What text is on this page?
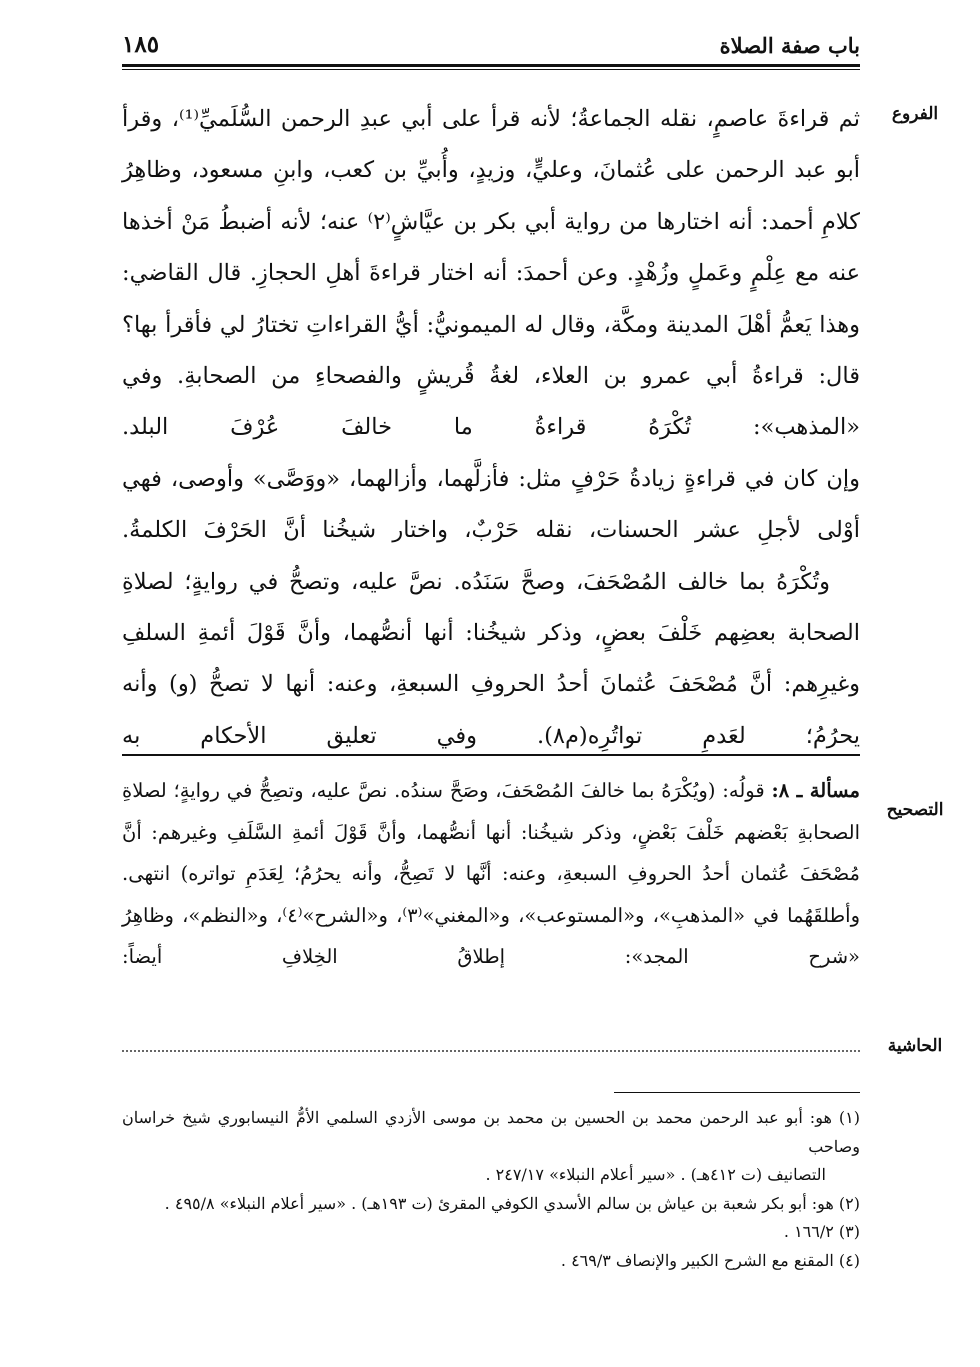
باب صفة الصلاة
١٨٥
الفروع

ثم قراءةَ عاصمٍ، نقله الجماعةُ؛ لأنه قرأ على أبي عبدِ الرحمن السُّلَميِّ⁽¹⁾، وقرأ أبو عبد الرحمن على عُثمانَ، وعليٍّ، وزيدٍ، وأُبيِّ بن كعب، وابنِ مسعود، وظاهِرُ كلامِ أحمد: أنه اختارها من رواية أبي بكر بن عيَّاشٍ⁽٢⁾ عنه؛ لأنه أضبطُ مَنْ أخذها عنه مع عِلْمٍ وعَملٍ وزُهْدٍ. وعن أحمدَ: أنه اختار قراءةَ أهلِ الحجازِ. قال القاضي: وهذا يَعمُّ أهْلَ المدينة ومكَّة، وقال له الميمونيُّ: أيُّ القراءاتِ تختارُ لي فأقرأ بها؟ قال: قراءةُ أبي عمرو بن العلاء، لغةُ قُريشٍ والفصحاءِ من الصحابةِ. وفي «المذهب»: تُكْرَهُ قراءةُ ما خالفَ عُرْفَ البلد.

وإن كان في قراءةٍ زيادةُ حَرْفٍ مثل: فأزلَّهما، وأزالهما، «ووَصَّى» وأوصى، فهي أوْلى لأجلِ عشر الحسنات، نقله حَرْبٌ، واختار شيخُنا أنَّ الحَرْفَ الكلمةُ.

وتُكْرَهُ بما خالف المُصْحَفَ، وصحَّ سَنَدُه. نصَّ عليه، وتصحُّ في روايةٍ؛ لصلاةِ الصحابة بعضِهم خَلْفَ بعضٍ، وذكر شيخُنا: أنها أنصُّهما، وأنَّ قَوْلَ أئمةِ السلفِ وغيرِهم: أنَّ مُصْحَفَ عُثمانَ أحدُ الحروفِ السبعةِ، وعنه: أنها لا تصحُّ (و) وأنه يحرُمُ؛ لعَدمِ تواتُرِه(م٨). وفي تعليق الأحكام به

التصحيح

مسألة ـ ٨: قولُه: (ويُكْرَهُ بما خالفَ المُصْحَفَ، وصَحَّ سندُه. نصَّ عليه، وتصِحُّ في روايةٍ؛ لصلاةِ الصحابةِ بَعْضهم خَلْفَ بَعْضٍ، وذكر شيخُنا: أنها أنصُّهما، وأنَّ قَوْلَ أئمةِ السَّلَفِ وغيرهم: أنَّ مُصْحَفَ عُثمان أحدُ الحروفِ السبعةِ، وعنه: أنَّها لا تَصِحُّ، وأنه يحرُمُ؛ لِعَدَمِ تواتره) انتهى. وأطلقَهُما في «المذهبِ»، و«المستوعب»، و«المغني»⁽٣⁾، و«الشرح»⁽٤⁾، و«النظم»، وظاهِرُ «شرح المجد»: إطلاقُ الخِلافِ أيضاً:

الحاشية

(١) هو: أبو عبد الرحمن محمد بن الحسين بن محمد بن موسى الأزدي السلمي الأمُّ النيسابوري شيخ خراسان وصاحب

التصانيف (ت ٤١٢هـ) . «سير أعلام النبلاء» ٢٤٧/١٧ .

(٢) هو: أبو بكر شعبة بن عياش بن سالم الأسدي الكوفي المقرئ (ت ١٩٣هـ) . «سير أعلام النبلاء» ٤٩٥/٨ .

(٣) ١٦٦/٢ .

(٤) المقنع مع الشرح الكبير والإنصاف ٤٦٩/٣ .
